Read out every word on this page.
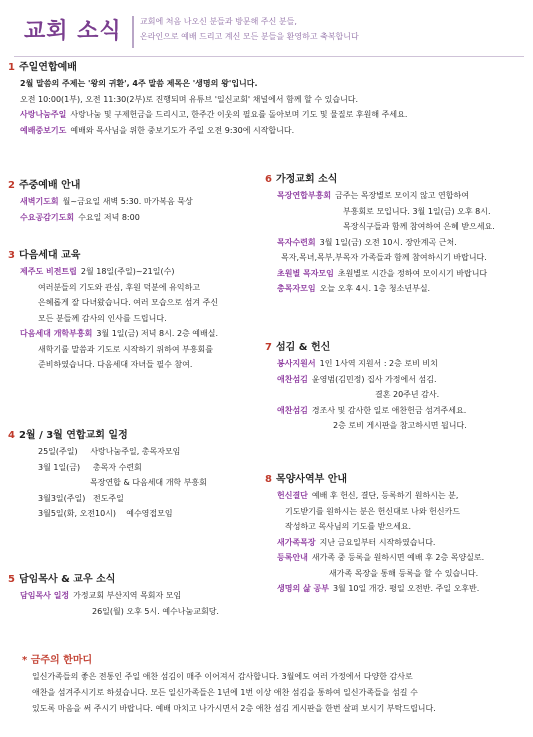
교회 소식 교회에 처음 나오신 분들과 방문해 주신 분들,
온라인으로 예배 드리고 계신 모든 분들을 환영하고 축복합니다
1 주일연합예배
2월 말씀의 주제는 '왕의 귀환', 4주 말씀 제목은 '생명의 왕'입니다.
오전 10:00(1부), 오전 11:30(2부)로 진행되며 유튜브 '일신교회' 채널에서 함께 할 수 있습니다.
사랑나눔주일 사랑나눔 및 구제헌금을 드리시고, 한주간 이웃의 필요를 돌아보며 기도 및 물질로 후원해 주세요.
예배중보기도 예배와 목사님을 위한 중보기도가 주일 오전 9:30에 시작합니다.
2 주중예배 안내
새벽기도회 월~금요일 새벽 5:30. 마가복음 묵상
수요공감기도회 수요일 저녁 8:00
3 다음세대 교육
제주도 비전트립 2월 18일(주일)~21일(수)
여러분들의 기도와 관심, 후원 덕분에 유익하고
은혜롭게 잘 다녀왔습니다. 여러 모습으로 섬겨 주신
모든 분들께 감사의 인사를 드립니다.
다음세대 개학부흥회 3월 1일(금) 저녁 8시. 2층 예배실.
새학기를 말씀과 기도로 시작하기 위하여 부흥회를
준비하였습니다. 다음세대 자녀들 필수 참여.
4 2월 / 3월 연합교회 일정
25일(주일)     사랑나눔주일, 총목자모임
3월 1일(금)     총목자 수련회
목장연합 & 다음세대 개학 부흥회
3월3일(주일)   전도주일
3월5일(화, 오전10시)    예수영접모임
5 담임목사 & 교우 소식
담임목사 일정 가정교회 부산지역 목회자 모임
26일(월) 오후 5시. 예수나눔교회당.
6 가정교회 소식
목장연합부흥회 금주는 목장별로 모이지 않고 연합하여
부흥회로 모입니다. 3월 1일(금) 오후 8시.
목장식구들과 함께 참여하여 은혜 받으세요.
목자수련회 3월 1일(금) 오전 10시. 장안계곡 근처.
목자,목녀,목부,부목자 가족들과 함께 참여하시기 바랍니다.
초원별 목자모임 초원별로 시간을 정하여 모이시기 바랍니다
총목자모임 오늘 오후 4시. 1층 청소년부실.
7 섬김 & 헌신
봉사지원서 1인 1사역 지원서 : 2층 로비 비치
애찬섬김 윤영범(김민정) 집사 가정에서 섬김.
결혼 20주년 감사.
애찬섬김 경조사 및 감사한 일로 애찬헌금 섬겨주세요.
2층 로비 게시판을 참고하시면 됩니다.
8 목양사역부 안내
헌신결단 예배 후 헌신, 결단, 등록하기 원하시는 분,
기도받기를 원하시는 분은 헌신대로 나와 헌신카드
작성하고 목사님의 기도를 받으세요.
새가족목장 지난 금요일부터 시작하였습니다.
등록안내 새가족 중 등록을 원하시면 예배 후 2층 목양실로.
새가족 목장을 통해 등록을 할 수 있습니다.
생명의 삶 공부 3월 10일 개강. 평일 오전반. 주일 오후반.
* 금주의 한마디
일신가족들의 좋은 전통인 주일 애찬 섬김이 매주 이어져서 감사합니다. 3월에도 여러 가정에서 다양한 감사로
애찬을 섬겨주시기로 하셨습니다. 모든 일신가족들은 1년에 1번 이상 애찬 섬김을 통하여 일신가족들을 섬길 수
있도록 마음을 써 주시기 바랍니다. 예배 마치고 나가시면서 2층 애찬 섬김 게시판을 한번 살펴 보시기 부탁드립니다.
